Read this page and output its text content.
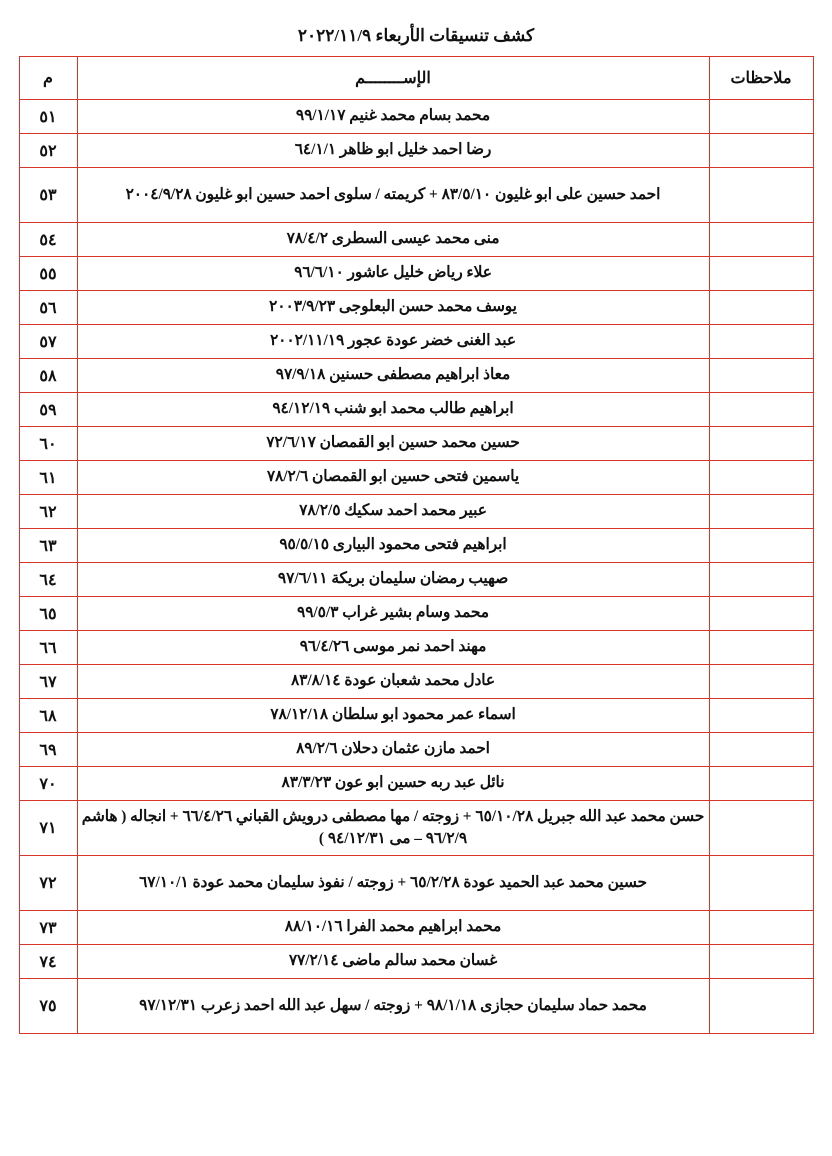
كشف تنسيقات الأربعاء ٢٠٢٢/١١/٩
ملاحظات	الإســــــــم	م
	محمد بسام محمد غنيم ٩٩/١/١٧	٥١
	رضا احمد خليل ابو ظاهر ٦٤/١/١	٥٢
	احمد حسين على ابو غليون ٨٣/٥/١٠ + كريمته / سلوى احمد حسين ابو غليون ٢٠٠٤/٩/٢٨	٥٣
	منى محمد عيسى السطرى ٧٨/٤/٢	٥٤
	علاء رياض خليل عاشور ٩٦/٦/١٠	٥٥
	يوسف محمد حسن البعلوجى ٢٠٠٣/٩/٢٣	٥٦
	عبد الغنى خضر عودة عجور ٢٠٠٢/١١/١٩	٥٧
	معاذ ابراهيم مصطفى حسنين ٩٧/٩/١٨	٥٨
	ابراهيم طالب محمد ابو شنب ٩٤/١٢/١٩	٥٩
	حسين محمد حسين ابو القمصان ٧٢/٦/١٧	٦٠
	ياسمين فتحى حسين ابو القمصان ٧٨/٢/٦	٦١
	عبير محمد احمد سكيك ٧٨/٢/٥	٦٢
	ابراهيم فتحى محمود البيارى ٩٥/٥/١٥	٦٣
	صهيب رمضان سليمان بريكة ٩٧/٦/١١	٦٤
	محمد وسام بشير غراب ٩٩/٥/٣	٦٥
	مهند احمد نمر موسى ٩٦/٤/٢٦	٦٦
	عادل محمد شعبان عودة ٨٣/٨/١٤	٦٧
	اسماء عمر محمود ابو سلطان ٧٨/١٢/١٨	٦٨
	احمد مازن عثمان دحلان ٨٩/٢/٦	٦٩
	نائل عبد ربه حسين ابو عون ٨٣/٣/٢٣	٧٠
	حسن محمد عبد الله جبريل ٦٥/١٠/٢٨ + زوجته / مها مصطفى درويش القباني ٦٦/٤/٢٦ + انجاله ( هاشم ٩٦/٢/٩ – مى ٩٤/١٢/٣١ )	٧١
	حسين محمد عبد الحميد عودة ٦٥/٢/٢٨ + زوجته / نفوذ سليمان محمد عودة ٦٧/١٠/١	٧٢
	محمد ابراهيم محمد الفرا ٨٨/١٠/١٦	٧٣
	غسان محمد سالم ماضى ٧٧/٢/١٤	٧٤
	محمد حماد سليمان حجازى ٩٨/١/١٨ + زوجته / سهل عبد الله احمد زعرب ٩٧/١٢/٣١	٧٥
